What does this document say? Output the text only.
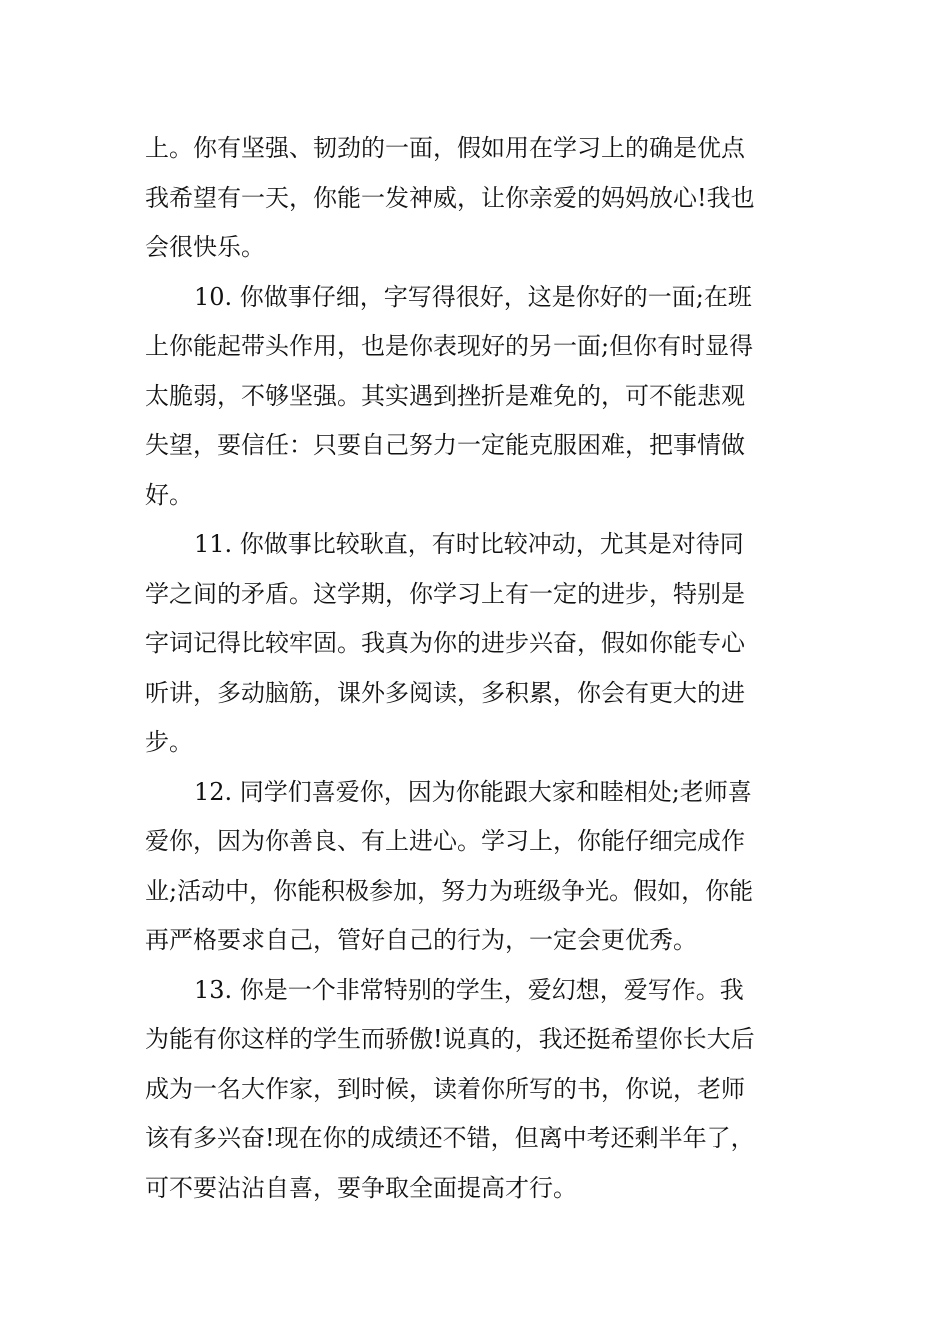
上。你有坚强、韧劲的一面，假如用在学习上的确是优点
我希望有一天，你能一发神威，让你亲爱的妈妈放心!我也
会很快乐。
10. 你做事仔细，字写得很好，这是你好的一面;在班
上你能起带头作用，也是你表现好的另一面;但你有时显得
太脆弱，不够坚强。其实遇到挫折是难免的，可不能悲观
失望，要信任：只要自己努力一定能克服困难，把事情做
好。
11. 你做事比较耿直，有时比较冲动，尤其是对待同
学之间的矛盾。这学期，你学习上有一定的进步，特别是
字词记得比较牢固。我真为你的进步兴奋，假如你能专心
听讲，多动脑筋，课外多阅读，多积累，你会有更大的进
步。
12. 同学们喜爱你，因为你能跟大家和睦相处;老师喜
爱你，因为你善良、有上进心。学习上，你能仔细完成作
业;活动中，你能积极参加，努力为班级争光。假如，你能
再严格要求自己，管好自己的行为，一定会更优秀。
13. 你是一个非常特别的学生，爱幻想，爱写作。我
为能有你这样的学生而骄傲!说真的，我还挺希望你长大后
成为一名大作家，到时候，读着你所写的书，你说，老师
该有多兴奋!现在你的成绩还不错，但离中考还剩半年了，
可不要沾沾自喜，要争取全面提高才行。
